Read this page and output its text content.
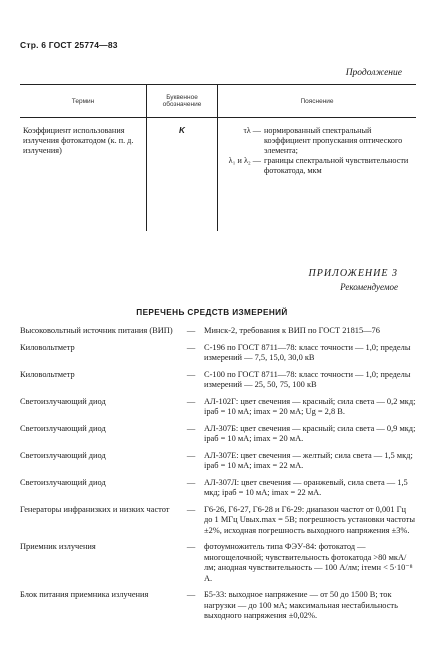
Стр. 6 ГОСТ 25774—83
Термин	Буквенное обозначение	Пояснение
Коэффициент использования излучения фотокатодом (к. п. д. излучения)	K	τλ — нормированный спектральный коэффициент пропускания оптического элемента;
λ₁ и λ₂ — границы спектральной чувствительности фотокатода, мкм
Продолжение
ПРИЛОЖЕНИЕ 3
Рекомендуемое
ПЕРЕЧЕНЬ СРЕДСТВ ИЗМЕРЕНИЙ
Высоковольтный источник питания (ВИП)	—	Минск-2, требования к ВИП по ГОСТ 21815—76
Киловольтметр	—	С-196 по ГОСТ 8711—78: класс точности — 1,0; пределы измерений — 7,5, 15,0, 30,0 кВ
Киловольтметр	—	С-100 по ГОСТ 8711—78: класс точности — 1,0; пределы измерений — 25, 50, 75, 100 кВ
Светоизлучающий диод	—	АЛ-102Г: цвет свечения — красный; сила света — 0,2 мкд; iраб = 10 мА; imax = 20 мА; Ug = 2,8 В.
Светоизлучающий диод	—	АЛ-307Б: цвет свечения — красный; сила света — 0,9 мкд; iраб = 10 мА; imax = 20 мА.
Светоизлучающий диод	—	АЛ-307Е: цвет свечения — желтый; сила света — 1,5 мкд; iраб = 10 мА; imax = 22 мА.
Светоизлучающий диод	—	АЛ-307Л: цвет свечения — оранжевый, сила света — 1,5 мкд; iраб = 10 мА; imax = 22 мА.
Генераторы инфранизких и низких частот	—	Г6-26, Г6-27, Г6-28 и Г6-29: диапазон частот от 0,001 Гц до 1 МГц Uвых.max = 5В; погрешность установки частоты ±2%, исходная погрешность выходного напряжения ±3%.
Приемник излучения	—	фотоумножитель типа ФЭУ-84: фотокатод — многощелочной; чувствительность фотокатода >80 мкА/лм; анодная чувствительность — 100 А/лм; iтемн < 5·10⁻⁸ А.
Блок питания приемника излучения	—	Б5-33: выходное напряжение — от 50 до 1500 В; ток нагрузки — до 100 мА; максимальная нестабильность выходного напряжения ±0,02%.
